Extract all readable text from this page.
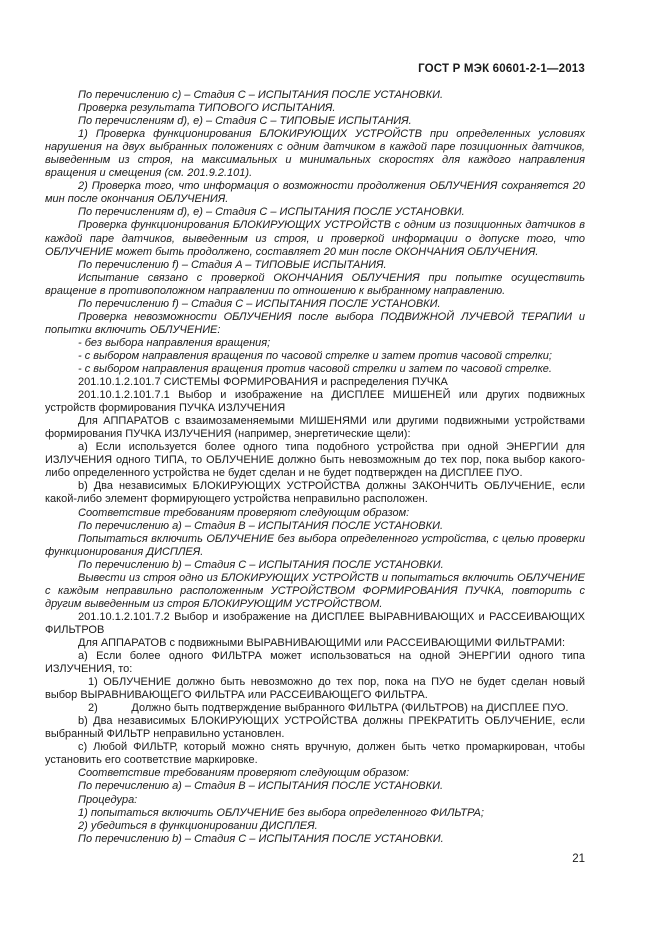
ГОСТ Р МЭК 60601-2-1—2013

По перечислению c) – Стадия C – ИСПЫТАНИЯ ПОСЛЕ УСТАНОВКИ.

Проверка результата ТИПОВОГО ИСПЫТАНИЯ.

По перечислениям d), e) – Стадия C – ТИПОВЫЕ ИСПЫТАНИЯ.

1) Проверка функционирования БЛОКИРУЮЩИХ УСТРОЙСТВ при определенных условиях нарушения на двух выбранных положениях с одним датчиком в каждой паре позиционных датчиков, выведенным из строя, на максимальных и минимальных скоростях для каждого направления вращения и смещения (см. 201.9.2.101).

2) Проверка того, что информация о возможности продолжения ОБЛУЧЕНИЯ сохраняется 20 мин после окончания ОБЛУЧЕНИЯ.

По перечислениям d), e) – Стадия C – ИСПЫТАНИЯ ПОСЛЕ УСТАНОВКИ.

Проверка функционирования БЛОКИРУЮЩИХ УСТРОЙСТВ с одним из позиционных датчиков в каждой паре датчиков, выведенным из строя, и проверкой информации о допуске того, что ОБЛУЧЕНИЕ может быть продолжено, составляет 20 мин после ОКОНЧАНИЯ ОБЛУЧЕНИЯ.

По перечислению f) – Стадия A – ТИПОВЫЕ ИСПЫТАНИЯ.

Испытание связано с проверкой ОКОНЧАНИЯ ОБЛУЧЕНИЯ при попытке осуществить вращение в противоположном направлении по отношению к выбранному направлению.

По перечислению f) – Стадия C – ИСПЫТАНИЯ ПОСЛЕ УСТАНОВКИ.

Проверка невозможности ОБЛУЧЕНИЯ после выбора ПОДВИЖНОЙ ЛУЧЕВОЙ ТЕРАПИИ и попытки включить ОБЛУЧЕНИЕ:

- без выбора направления вращения;

- с выбором направления вращения по часовой стрелке и затем против часовой стрелки;

- с выбором направления вращения против часовой стрелки и затем по часовой стрелке.

201.10.1.2.101.7 СИСТЕМЫ ФОРМИРОВАНИЯ и распределения ПУЧКА

201.10.1.2.101.7.1 Выбор и изображение на ДИСПЛЕЕ МИШЕНЕЙ или других подвижных устройств формирования ПУЧКА ИЗЛУЧЕНИЯ

Для АППАРАТОВ с взаимозаменяемыми МИШЕНЯМИ или другими подвижными устройствами формирования ПУЧКА ИЗЛУЧЕНИЯ (например, энергетические щели):

a) Если используется более одного типа подобного устройства при одной ЭНЕРГИИ для ИЗЛУЧЕНИЯ одного ТИПА, то ОБЛУЧЕНИЕ должно быть невозможным до тех пор, пока выбор какого-либо определенного устройства не будет сделан и не будет подтвержден на ДИСПЛЕЕ ПУО.

b) Два независимых БЛОКИРУЮЩИХ УСТРОЙСТВА должны ЗАКОНЧИТЬ ОБЛУЧЕНИЕ, если какой-либо элемент формирующего устройства неправильно расположен.

Соответствие требованиям проверяют следующим образом:

По перечислению a) – Стадия B – ИСПЫТАНИЯ ПОСЛЕ УСТАНОВКИ.

Попытаться включить ОБЛУЧЕНИЕ без выбора определенного устройства, с целью проверки функционирования ДИСПЛЕЯ.

По перечислению b) – Стадия C – ИСПЫТАНИЯ ПОСЛЕ УСТАНОВКИ.

Вывести из строя одно из БЛОКИРУЮЩИХ УСТРОЙСТВ и попытаться включить ОБЛУЧЕНИЕ с каждым неправильно расположенным УСТРОЙСТВОМ ФОРМИРОВАНИЯ ПУЧКА, повторить с другим выведенным из строя БЛОКИРУЮЩИМ УСТРОЙСТВОМ.

201.10.1.2.101.7.2 Выбор и изображение на ДИСПЛЕЕ ВЫРАВНИВАЮЩИХ и РАССЕИВАЮЩИХ ФИЛЬТРОВ

Для АППАРАТОВ с подвижными ВЫРАВНИВАЮЩИМИ или РАССЕИВАЮЩИМИ ФИЛЬТРАМИ:

a) Если более одного ФИЛЬТРА может использоваться на одной ЭНЕРГИИ одного типа ИЗЛУЧЕНИЯ, то:

1) ОБЛУЧЕНИЕ должно быть невозможно до тех пор, пока на ПУО не будет сделан новый выбор ВЫРАВНИВАЮЩЕГО ФИЛЬТРА или РАССЕИВАЮЩЕГО ФИЛЬТРА.

2)           Должно быть подтверждение выбранного ФИЛЬТРА (ФИЛЬТРОВ) на ДИСПЛЕЕ ПУО.

b) Два независимых БЛОКИРУЮЩИХ УСТРОЙСТВА должны ПРЕКРАТИТЬ ОБЛУЧЕНИЕ, если выбранный ФИЛЬТР неправильно установлен.

c) Любой ФИЛЬТР, который можно снять вручную, должен быть четко промаркирован, чтобы установить его соответствие маркировке.

Соответствие требованиям проверяют следующим образом:

По перечислению a) – Стадия B – ИСПЫТАНИЯ ПОСЛЕ УСТАНОВКИ.

Процедура:

1) попытаться включить ОБЛУЧЕНИЕ без выбора определенного ФИЛЬТРА;

2) убедиться в функционировании ДИСПЛЕЯ.

По перечислению b) – Стадия C – ИСПЫТАНИЯ ПОСЛЕ УСТАНОВКИ.

21
